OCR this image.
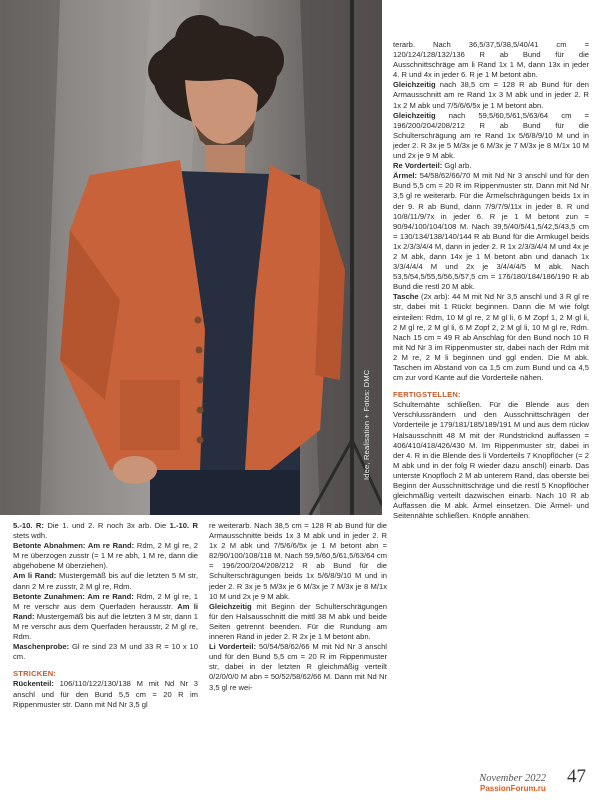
Idee, Realisation + Fotos: DMC

5.-10. R: Die 1. und 2. R noch 3x arb. Die 1.-10. R stets wdh.

Betonte Abnahmen: Am re Rand: Rdm, 2 M gl re, 2 M re überzogen zusstr (= 1 M re abh, 1 M re, dann die abgehobene M überziehen).

Am li Rand: Mustergemäß bis auf die letzten 5 M str, dann 2 M re zusstr, 2 M gl re, Rdm.

Betonte Zunahmen: Am re Rand: Rdm, 2 M gl re, 1 M re verschr aus dem Querfaden herausstr. Am li Rand: Mustergemäß bis auf die letzten 3 M str, dann 1 M re verschr aus dem Querfaden herausstr, 2 M gl re, Rdm.

Maschenprobe: Gl re sind 23 M und 33 R = 10 x 10 cm.

STRICKEN:

Rückenteil: 106/110/122/130/138 M mit Nd Nr 3 anschl und für den Bund 5,5 cm = 20 R im Rippenmuster str. Dann mit Nd Nr 3,5 gl

re weiterarb. Nach 38,5 cm = 128 R ab Bund für die Armausschnitte beids 1x 3 M abk und in jeder 2. R 1x 2 M abk und 7/5/6/6/5x je 1 M betont abn = 82/90/100/108/118 M. Nach 59,5/60,5/61,5/63/64 cm = 196/200/204/208/212 R ab Bund für die Schulterschrägungen beids 1x 5/6/8/9/10 M und in jeder 2. R 3x je 5 M/3x je 6 M/3x je 7 M/3x je 8 M/1x 10 M und 2x je 9 M abk.

Gleichzeitig mit Beginn der Schulterschrägungen für den Halsausschnitt die mittl 38 M abk und beide Seiten getrennt beenden. Für die Rundung am inneren Rand in jeder 2. R 2x je 1 M betont abn.

Li Vorderteil: 50/54/58/62/66 M mit Nd Nr 3 anschl und für den Bund 5,5 cm = 20 R im Rippenmuster str, dabei in der letzten R gleichmäßig verteilt 0/2/0/0/0 M abn = 50/52/58/62/66 M. Dann mit Nd Nr 3,5 gl re wei-

terarb. Nach 36,5/37,5/38,5/40/41 cm = 120/124/128/132/136 R ab Bund für die Ausschnittschräge am li Rand 1x 1 M, dann 13x in jeder 4. R und 4x in jeder 6. R je 1 M betont abn.

Gleichzeitig nach 38,5 cm = 128 R ab Bund für den Armausschnitt am re Rand 1x 3 M abk und in jeder 2. R 1x 2 M abk und 7/5/6/6/5x je 1 M betont abn.

Gleichzeitig nach 59,5/60,5/61,5/63/64 cm = 196/200/204/208/212 R ab Bund für die Schulterschrägung am re Rand 1x 5/6/8/9/10 M und in jeder 2. R 3x je 5 M/3x je 6 M/3x je 7 M/3x je 8 M/1x 10 M und 2x je 9 M abk.

Re Vorderteil: Ggl arb.

Ärmel: 54/58/62/66/70 M mit Nd Nr 3 anschl und für den Bund 5,5 cm = 20 R im Rippenmuster str. Dann mit Nd Nr 3,5 gl re weiterarb. Für die Ärmelschrägungen beids 1x in der 9. R ab Bund, dann 7/9/7/9/11x in jeder 8. R und 10/8/11/9/7x in jeder 6. R je 1 M betont zun = 90/94/100/104/108 M. Nach 39,5/40/5/41,5/42,5/43,5 cm = 130/134/138/140/144 R ab Bund für die Armkugel beids 1x 2/3/3/4/4 M, dann in jeder 2. R 1x 2/3/3/4/4 M und 4x je 2 M abk, dann 14x je 1 M betont abn und danach 1x 3/3/4/4/4 M und 2x je 3/4/4/4/5 M abk. Nach 53,5/54,5/55,5/56,5/57,5 cm = 176/180/184/186/190 R ab Bund die restl 20 M abk.

Tasche (2x arb): 44 M mit Nd Nr 3,5 anschl und 3 R gl re str, dabei mit 1 Rückr beginnen. Dann die M wie folgt einteilen: Rdm, 10 M gl re, 2 M gl li, 6 M Zopf 1, 2 M gl li, 2 M gl re, 2 M gl li, 6 M Zopf 2, 2 M gl li, 10 M gl re, Rdm. Nach 15 cm = 49 R ab Anschlag für den Bund noch 10 R mit Nd Nr 3 im Rippenmuster str, dabei nach der Rdm mit 2 M re, 2 M li beginnen und ggl enden. Die M abk. Taschen im Abstand von ca 1,5 cm zum Bund und ca 4,5 cm zur vord Kante auf die Vorderteile nähen.

FERTIGSTELLEN:

Schulternähte schließen. Für die Blende aus den Verschlussrändern und den Ausschnittschrägen der Vorderteile je 179/181/185/189/191 M und aus dem rückw Halsausschnitt 48 M mit der Rundstricknd auffassen = 406/410/418/426/430 M. Im Rippenmuster str, dabei in der 4. R in die Blende des li Vorderteils 7 Knopflöcher (= 2 M abk und in der folg R wieder dazu anschl) einarb. Das unterste Knopfloch 2 M ab unterem Rand, das oberste bei Beginn der Ausschnittschräge und die restl 5 Knopflöcher gleichmäßig verteilt dazwischen einarb. Nach 10 R ab Auffassen die M abk. Ärmel einsetzen. Die Ärmel- und Seitennähte schließen. Knöpfe annähen.

November 2022 47
PassionForum.ru
